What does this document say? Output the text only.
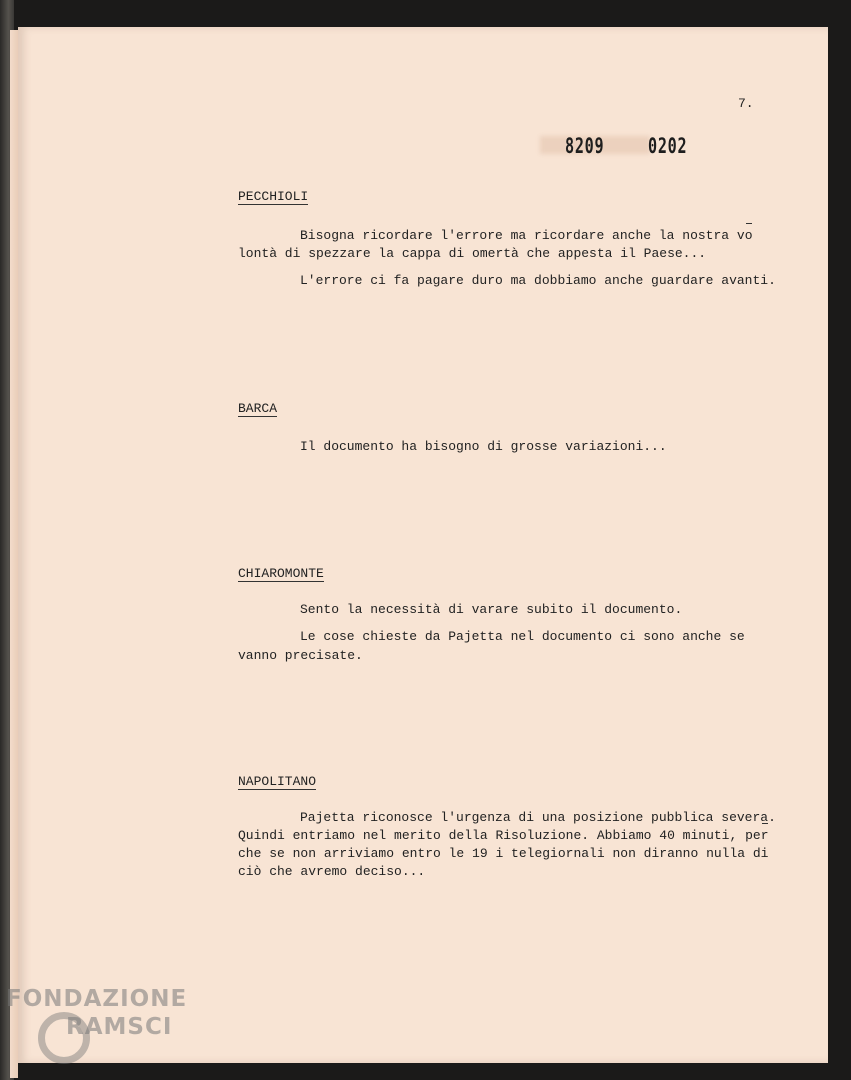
7.
8209 0202
PECCHIOLI
Bisogna ricordare l'errore ma ricordare anche la nostra vo
lontà di spezzare la cappa di omertà che appesta il Paese...
L'errore ci fa pagare duro ma dobbiamo anche guardare avanti.
BARCA
Il documento ha bisogno di grosse variazioni...
CHIAROMONTE
Sento la necessità di varare subito il documento.
Le cose chieste da Pajetta nel documento ci sono anche se
vanno precisate.
NAPOLITANO
Pajetta riconosce l'urgenza di una posizione pubblica severa.
Quindi entriamo nel merito della Risoluzione. Abbiamo 40 minuti, per
che se non arriviamo entro le 19 i telegiornali non diranno nulla di
ciò che avremo deciso...
FONDAZIONE
RAMSCI
